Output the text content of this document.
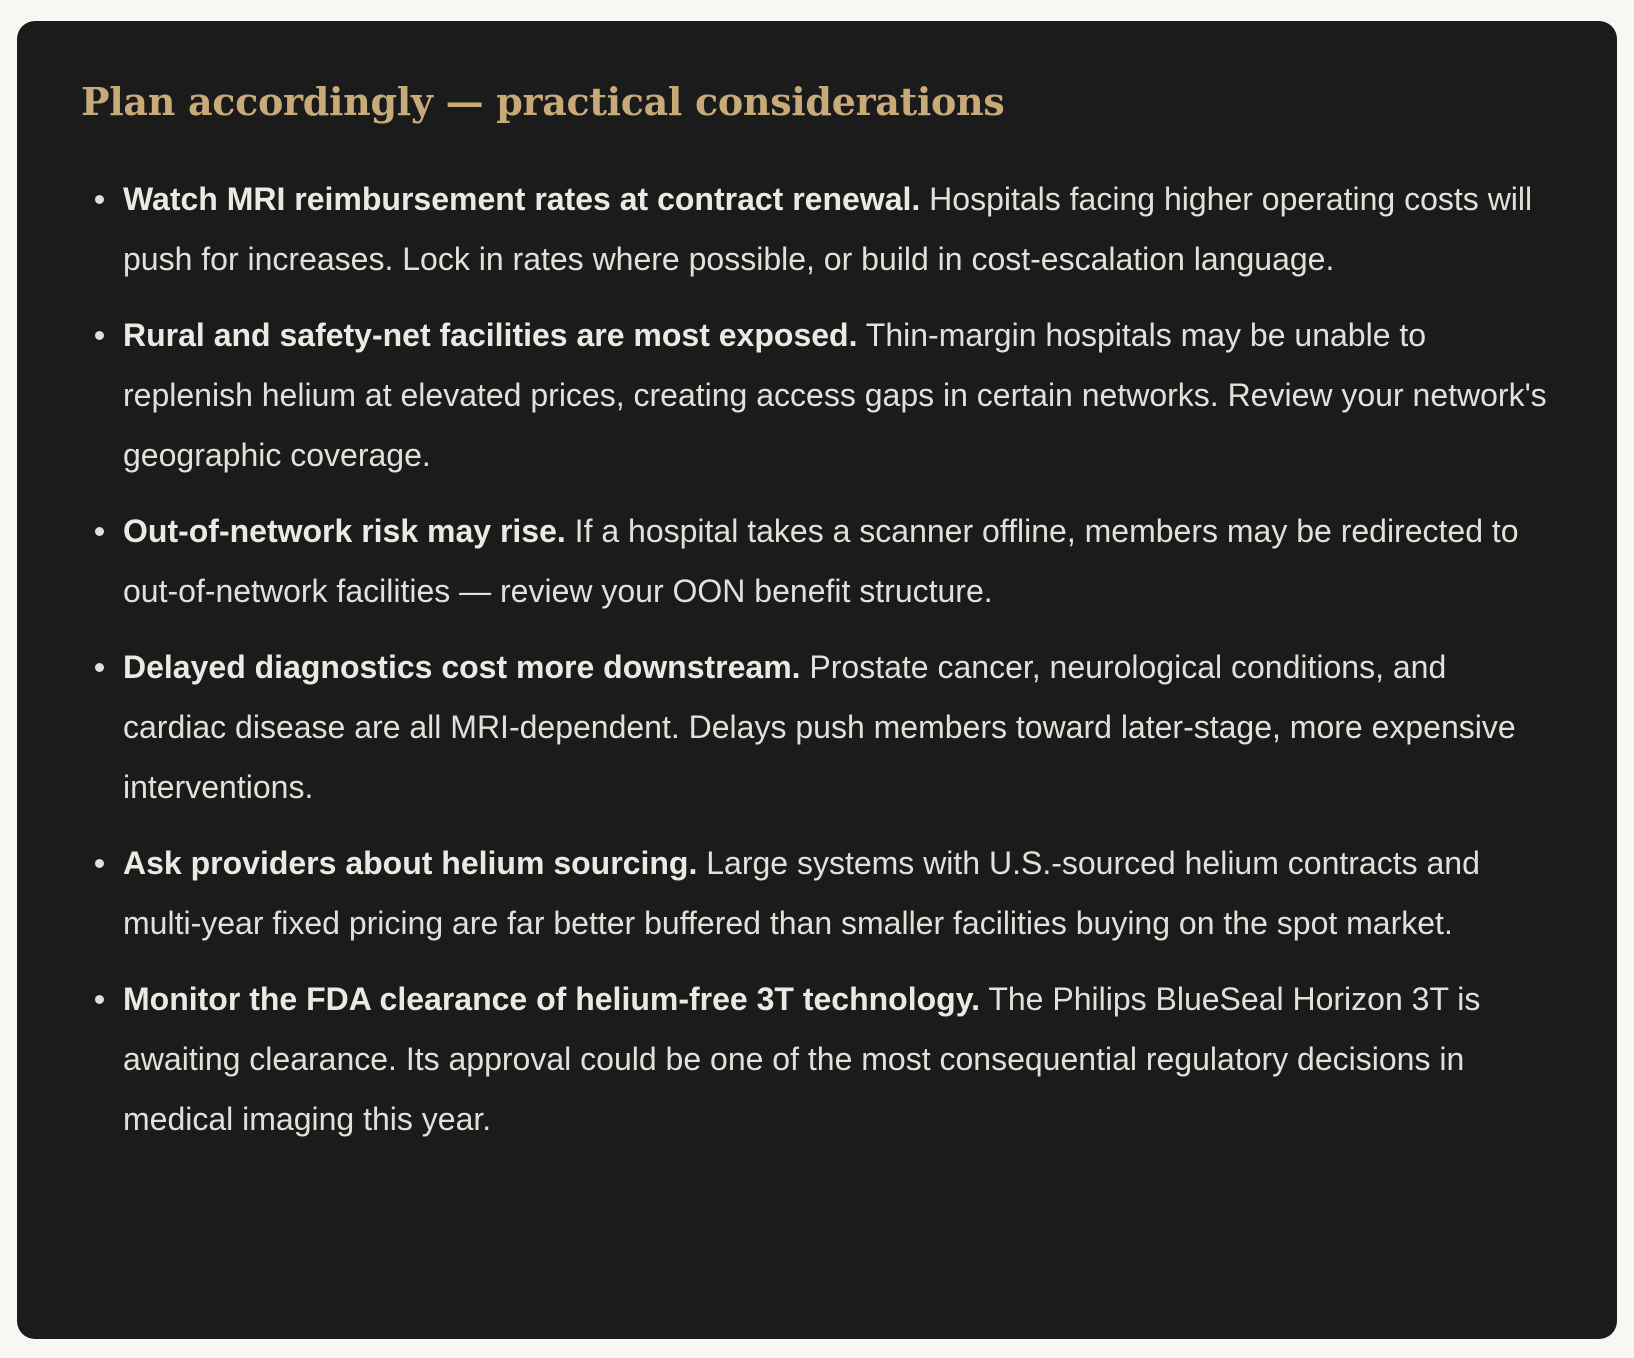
Plan accordingly — practical considerations
Watch MRI reimbursement rates at contract renewal. Hospitals facing higher operating costs will push for increases. Lock in rates where possible, or build in cost-escalation language.
Rural and safety-net facilities are most exposed. Thin-margin hospitals may be unable to replenish helium at elevated prices, creating access gaps in certain networks. Review your network's geographic coverage.
Out-of-network risk may rise. If a hospital takes a scanner offline, members may be redirected to out-of-network facilities — review your OON benefit structure.
Delayed diagnostics cost more downstream. Prostate cancer, neurological conditions, and cardiac disease are all MRI-dependent. Delays push members toward later-stage, more expensive interventions.
Ask providers about helium sourcing. Large systems with U.S.-sourced helium contracts and multi-year fixed pricing are far better buffered than smaller facilities buying on the spot market.
Monitor the FDA clearance of helium-free 3T technology. The Philips BlueSeal Horizon 3T is awaiting clearance. Its approval could be one of the most consequential regulatory decisions in medical imaging this year.
